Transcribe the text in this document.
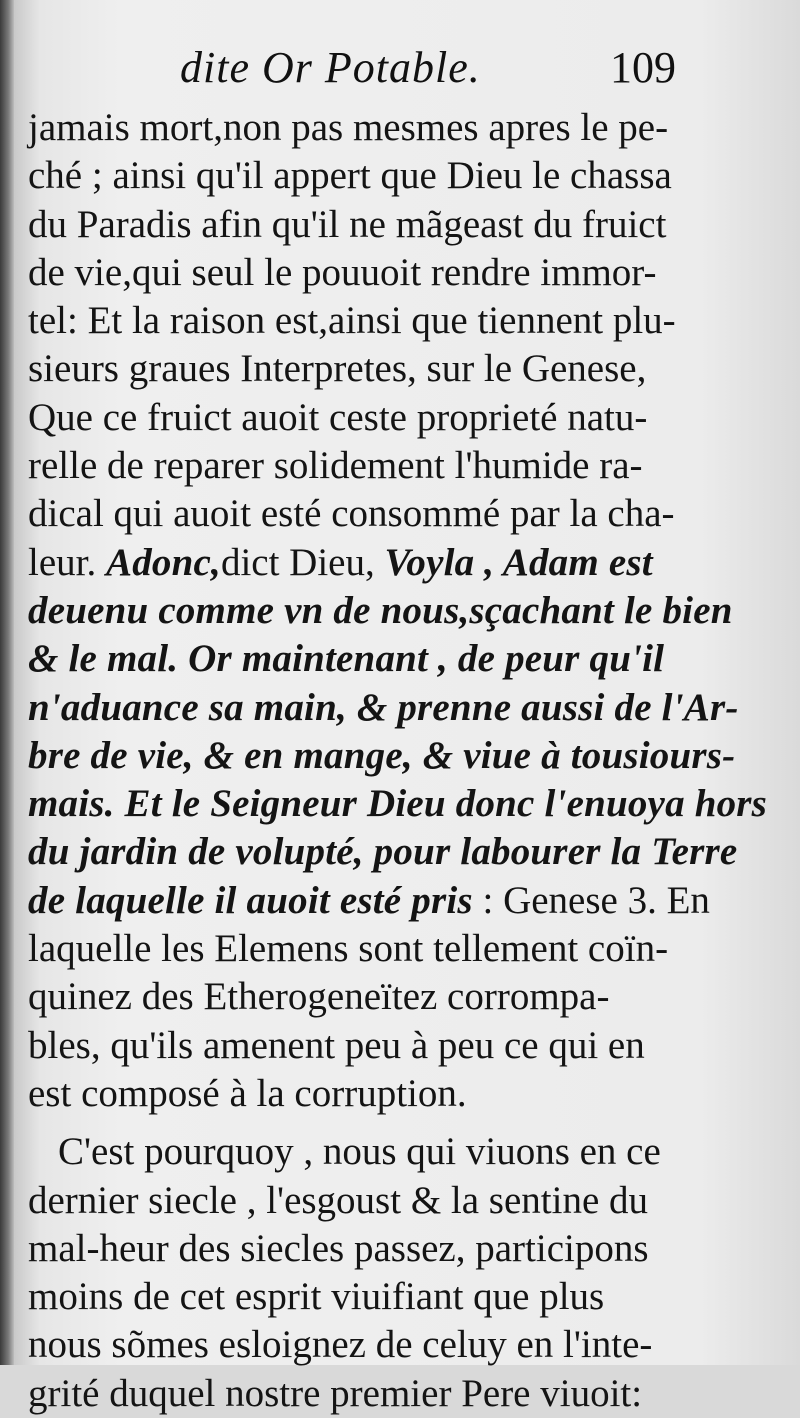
dite Or Potable.	109
jamais mort,non pas mesmes apres le pe-
ché ; ainsi qu'il appert que Dieu le chassa
du Paradis afin qu'il ne mãgeast du fruict
de vie,qui seul le pouuoit rendre immor-
tel: Et la raison est,ainsi que tiennent plu-
sieurs graues Interpretes, sur le Genese,
Que ce fruict auoit ceste proprieté natu-
relle de reparer solidement l'humide ra-
dical qui auoit esté consommé par la cha-
leur. Adonc,dict Dieu, Voyla , Adam est
deuenu comme vn de nous,sçachant le bien
& le mal. Or maintenant , de peur qu'il
n'aduance sa main, & prenne aussi de l'Ar-
bre de vie, & en mange, & viue à tousiours-
mais. Et le Seigneur Dieu donc l'enuoya hors
du jardin de volupté, pour labourer la Terre
de laquelle il auoit esté pris : Genese 3. En
laquelle les Elemens sont tellement coïn-
quinez des Etherogeneïtez corrompa-
bles, qu'ils amenent peu à peu ce qui en
est composé à la corruption.
C'est pourquoy , nous qui viuons en ce
dernier siecle , l'esgoust & la sentine du
mal-heur des siecles passez, participons
moins de cet esprit viuifiant que plus
nous sõmes esloignez de celuy en l'inte-
grité duquel nostre premier Pere viuoit:
